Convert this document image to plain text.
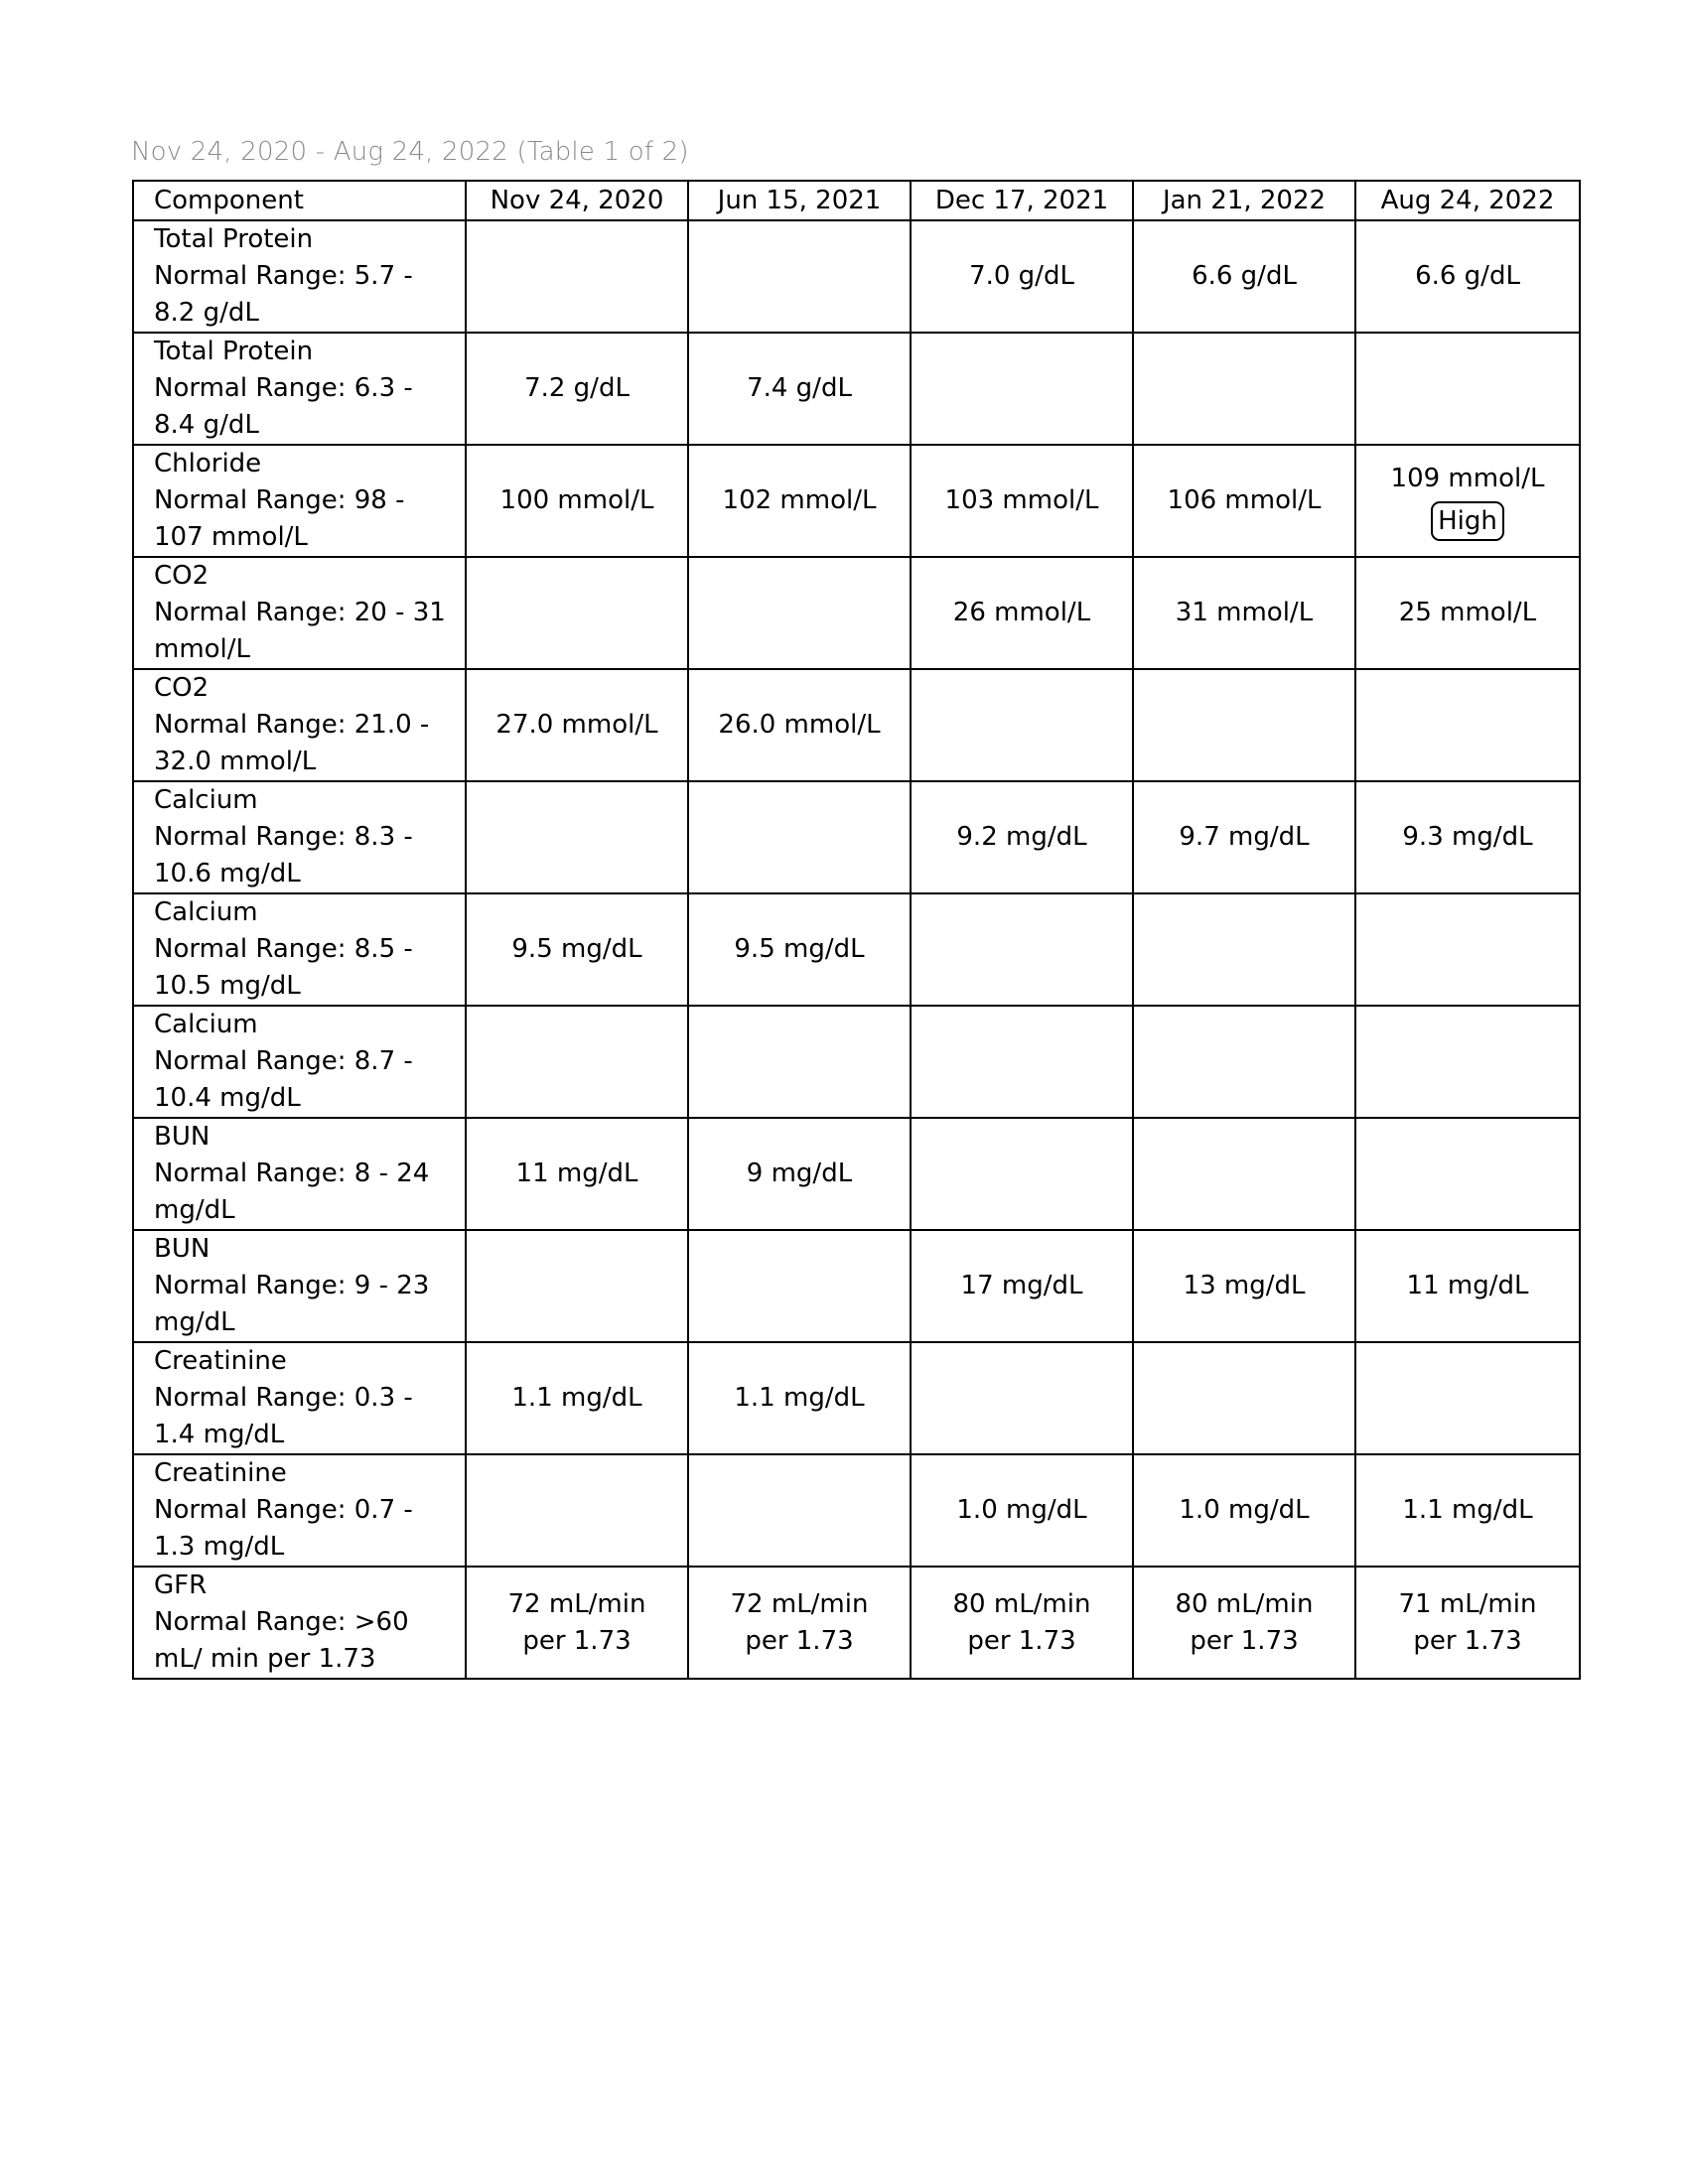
Nov 24, 2020 - Aug 24, 2022 (Table 1 of 2)
Component	Nov 24, 2020	Jun 15, 2021	Dec 17, 2021	Jan 21, 2022	Aug 24, 2022

Total Protein
Normal Range: 5.7 - 8.2 g/dL			7.0 g/dL	6.6 g/dL	6.6 g/dL

Total Protein
Normal Range: 6.3 - 8.4 g/dL	7.2 g/dL	7.4 g/dL			

Chloride
Normal Range: 98 - 107 mmol/L	100 mmol/L	102 mmol/L	103 mmol/L	106 mmol/L	109 mmol/L
High

CO2
Normal Range: 20 - 31 mmol/L			26 mmol/L	31 mmol/L	25 mmol/L

CO2
Normal Range: 21.0 - 32.0 mmol/L	27.0 mmol/L	26.0 mmol/L			

Calcium
Normal Range: 8.3 - 10.6 mg/dL			9.2 mg/dL	9.7 mg/dL	9.3 mg/dL

Calcium
Normal Range: 8.5 - 10.5 mg/dL	9.5 mg/dL	9.5 mg/dL			

Calcium
Normal Range: 8.7 - 10.4 mg/dL					

BUN
Normal Range: 8 - 24 mg/dL	11 mg/dL	9 mg/dL			

BUN
Normal Range: 9 - 23 mg/dL			17 mg/dL	13 mg/dL	11 mg/dL

Creatinine
Normal Range: 0.3 - 1.4 mg/dL	1.1 mg/dL	1.1 mg/dL			

Creatinine
Normal Range: 0.7 - 1.3 mg/dL			1.0 mg/dL	1.0 mg/dL	1.1 mg/dL

GFR
Normal Range: >60 mL/ min per 1.73	72 mL/min per 1.73	72 mL/min per 1.73	80 mL/min per 1.73	80 mL/min per 1.73	71 mL/min per 1.73
